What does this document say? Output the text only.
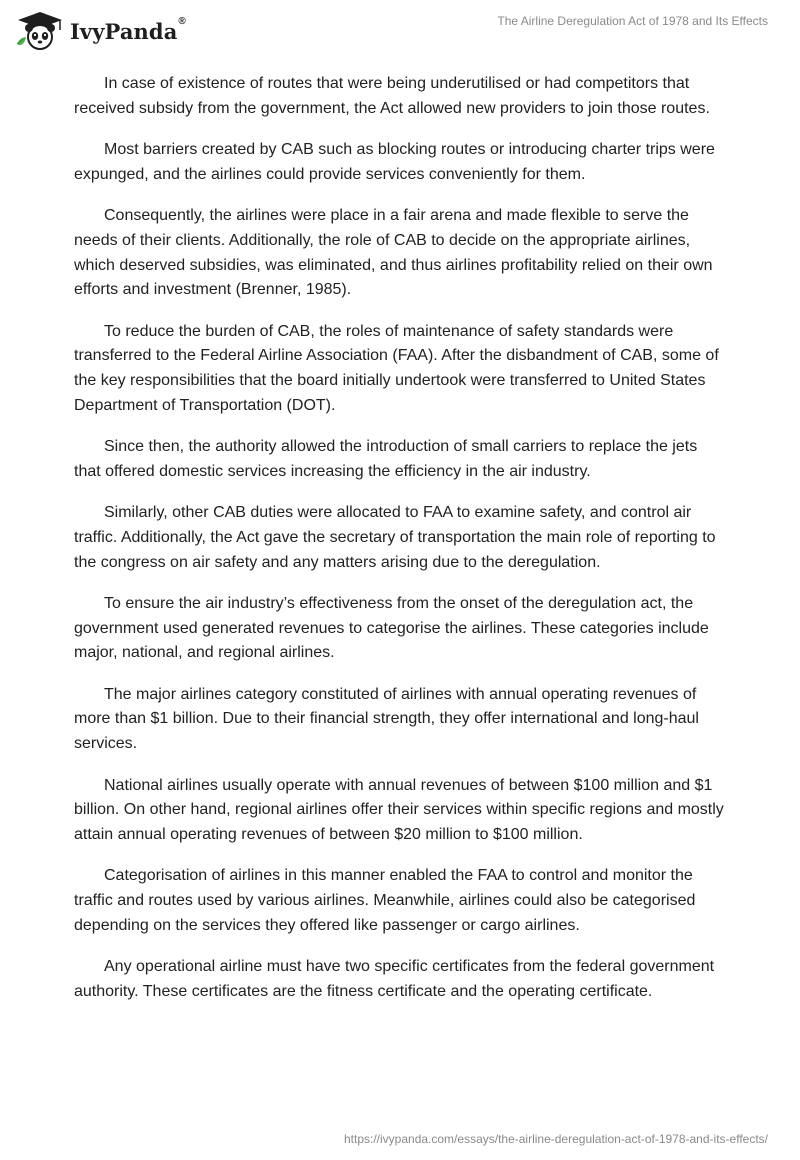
IvyPanda®	The Airline Deregulation Act of 1978 and Its Effects

In case of existence of routes that were being underutilised or had competitors that received subsidy from the government, the Act allowed new providers to join those routes.

Most barriers created by CAB such as blocking routes or introducing charter trips were expunged, and the airlines could provide services conveniently for them.

Consequently, the airlines were place in a fair arena and made flexible to serve the needs of their clients. Additionally, the role of CAB to decide on the appropriate airlines, which deserved subsidies, was eliminated, and thus airlines profitability relied on their own efforts and investment (Brenner, 1985).

To reduce the burden of CAB, the roles of maintenance of safety standards were transferred to the Federal Airline Association (FAA). After the disbandment of CAB, some of the key responsibilities that the board initially undertook were transferred to United States Department of Transportation (DOT).

Since then, the authority allowed the introduction of small carriers to replace the jets that offered domestic services increasing the efficiency in the air industry.

Similarly, other CAB duties were allocated to FAA to examine safety, and control air traffic. Additionally, the Act gave the secretary of transportation the main role of reporting to the congress on air safety and any matters arising due to the deregulation.

To ensure the air industry’s effectiveness from the onset of the deregulation act, the government used generated revenues to categorise the airlines. These categories include major, national, and regional airlines.

The major airlines category constituted of airlines with annual operating revenues of more than $1 billion. Due to their financial strength, they offer international and long-haul services.

National airlines usually operate with annual revenues of between $100 million and $1 billion. On other hand, regional airlines offer their services within specific regions and mostly attain annual operating revenues of between $20 million to $100 million.

Categorisation of airlines in this manner enabled the FAA to control and monitor the traffic and routes used by various airlines. Meanwhile, airlines could also be categorised depending on the services they offered like passenger or cargo airlines.

Any operational airline must have two specific certificates from the federal government authority. These certificates are the fitness certificate and the operating certificate.

https://ivypanda.com/essays/the-airline-deregulation-act-of-1978-and-its-effects/
